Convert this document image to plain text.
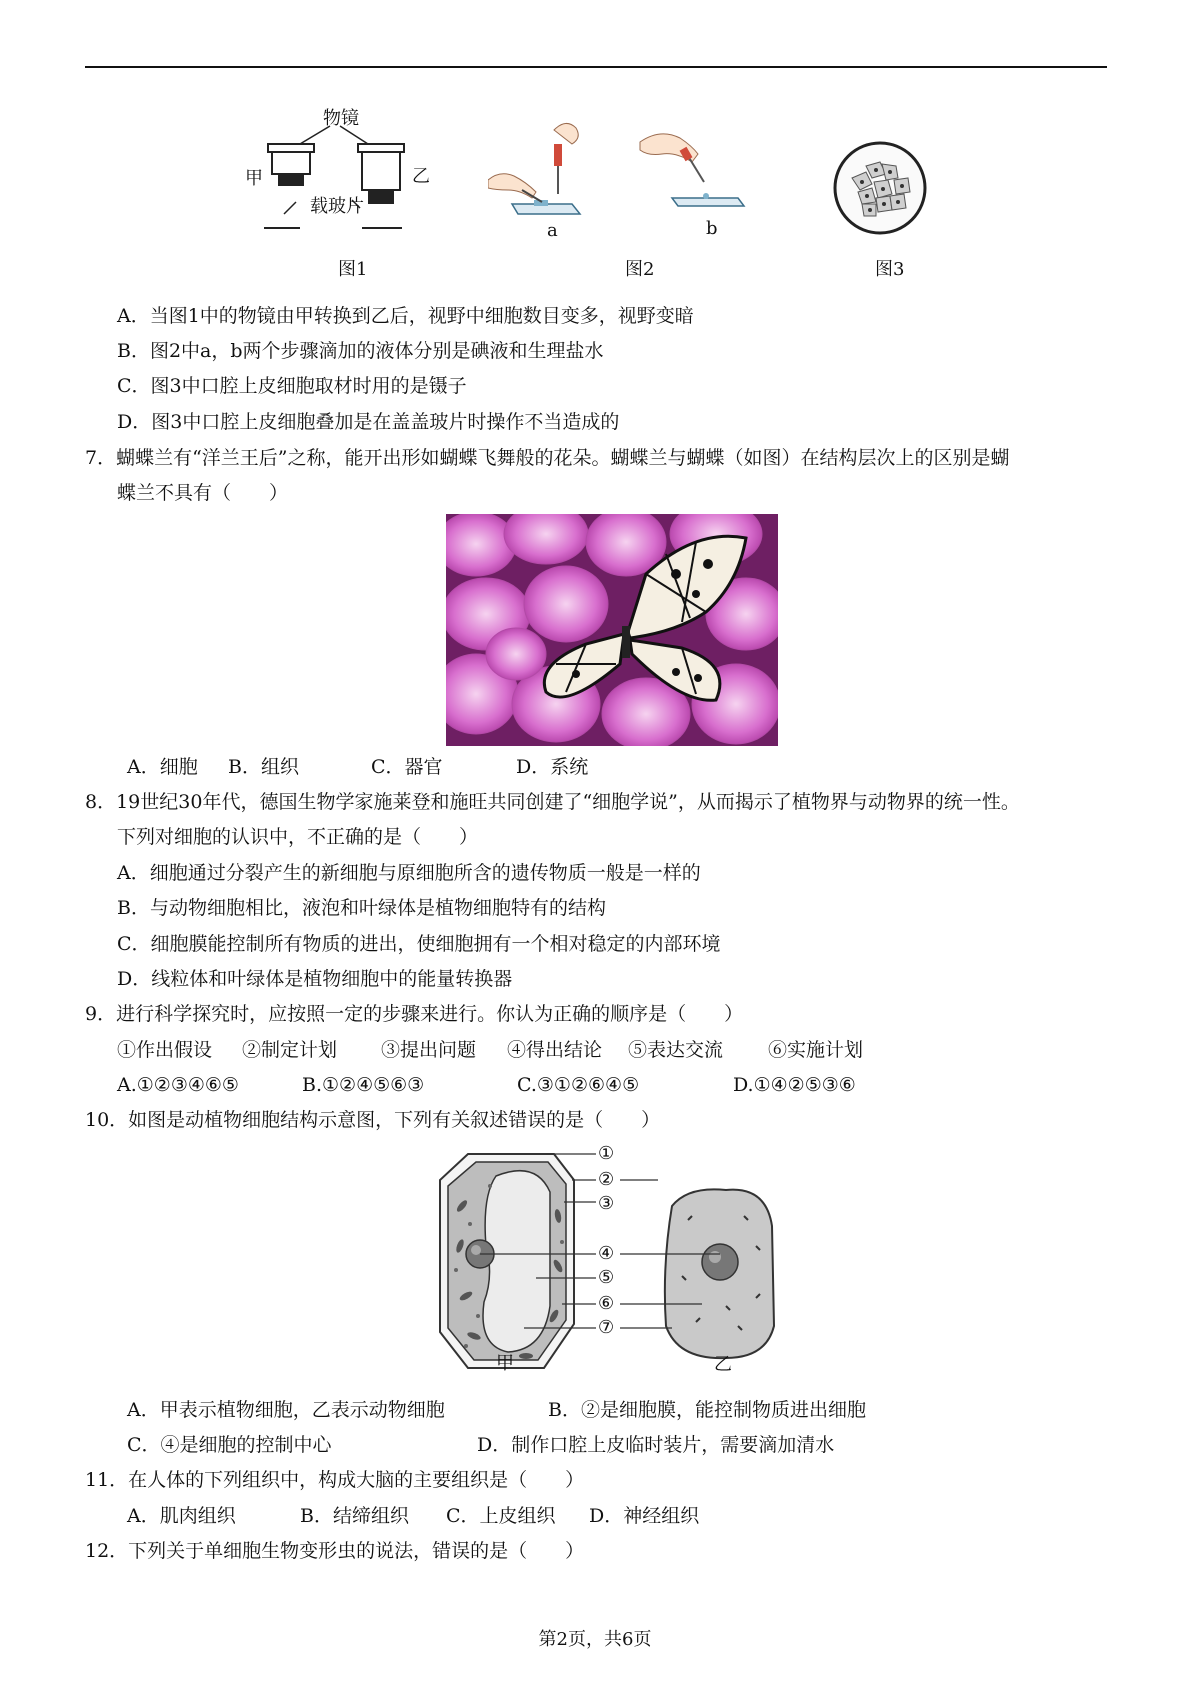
物镜
甲	乙
载玻片
图1
a	b
图2	图3
A．当图1中的物镜由甲转换到乙后，视野中细胞数目变多，视野变暗
B．图2中a，b两个步骤滴加的液体分别是碘液和生理盐水
C．图3中口腔上皮细胞取材时用的是镊子
D．图3中口腔上皮细胞叠加是在盖盖玻片时操作不当造成的
7．蝴蝶兰有“洋兰王后”之称，能开出形如蝴蝶飞舞般的花朵。蝴蝶兰与蝴蝶（如图）在结构层次上的区别是蝴
蝶兰不具有（　　）
A．细胞 B．组织	C．器官	D．系统
8．19世纪30年代，德国生物学家施莱登和施旺共同创建了“细胞学说”，从而揭示了植物界与动物界的统一性。
下列对细胞的认识中，不正确的是（　　）
A．细胞通过分裂产生的新细胞与原细胞所含的遗传物质一般是一样的
B．与动物细胞相比，液泡和叶绿体是植物细胞特有的结构
C．细胞膜能控制所有物质的进出，使细胞拥有一个相对稳定的内部环境
D．线粒体和叶绿体是植物细胞中的能量转换器
9．进行科学探究时，应按照一定的步骤来进行。你认为正确的顺序是（　　）
①作出假设 ②制定计划 ③提出问题 ④得出结论 ⑤表达交流 ⑥实施计划
A.①②③④⑥⑤	B.①②④⑤⑥③	C.③①②⑥④⑤	D.①④②⑤③⑥
10．如图是动植物细胞结构示意图，下列有关叙述错误的是（　　）
①
②
③
④
⑤
⑥
⑦
甲	乙
A．甲表示植物细胞，乙表示动物细胞	B．②是细胞膜，能控制物质进出细胞
C．④是细胞的控制中心	D．制作口腔上皮临时装片，需要滴加清水
11．在人体的下列组织中，构成大脑的主要组织是（　　）
A．肌肉组织	B．结缔组织 C．上皮组织 D．神经组织
12．下列关于单细胞生物变形虫的说法，错误的是（　　）
第2页，共6页
